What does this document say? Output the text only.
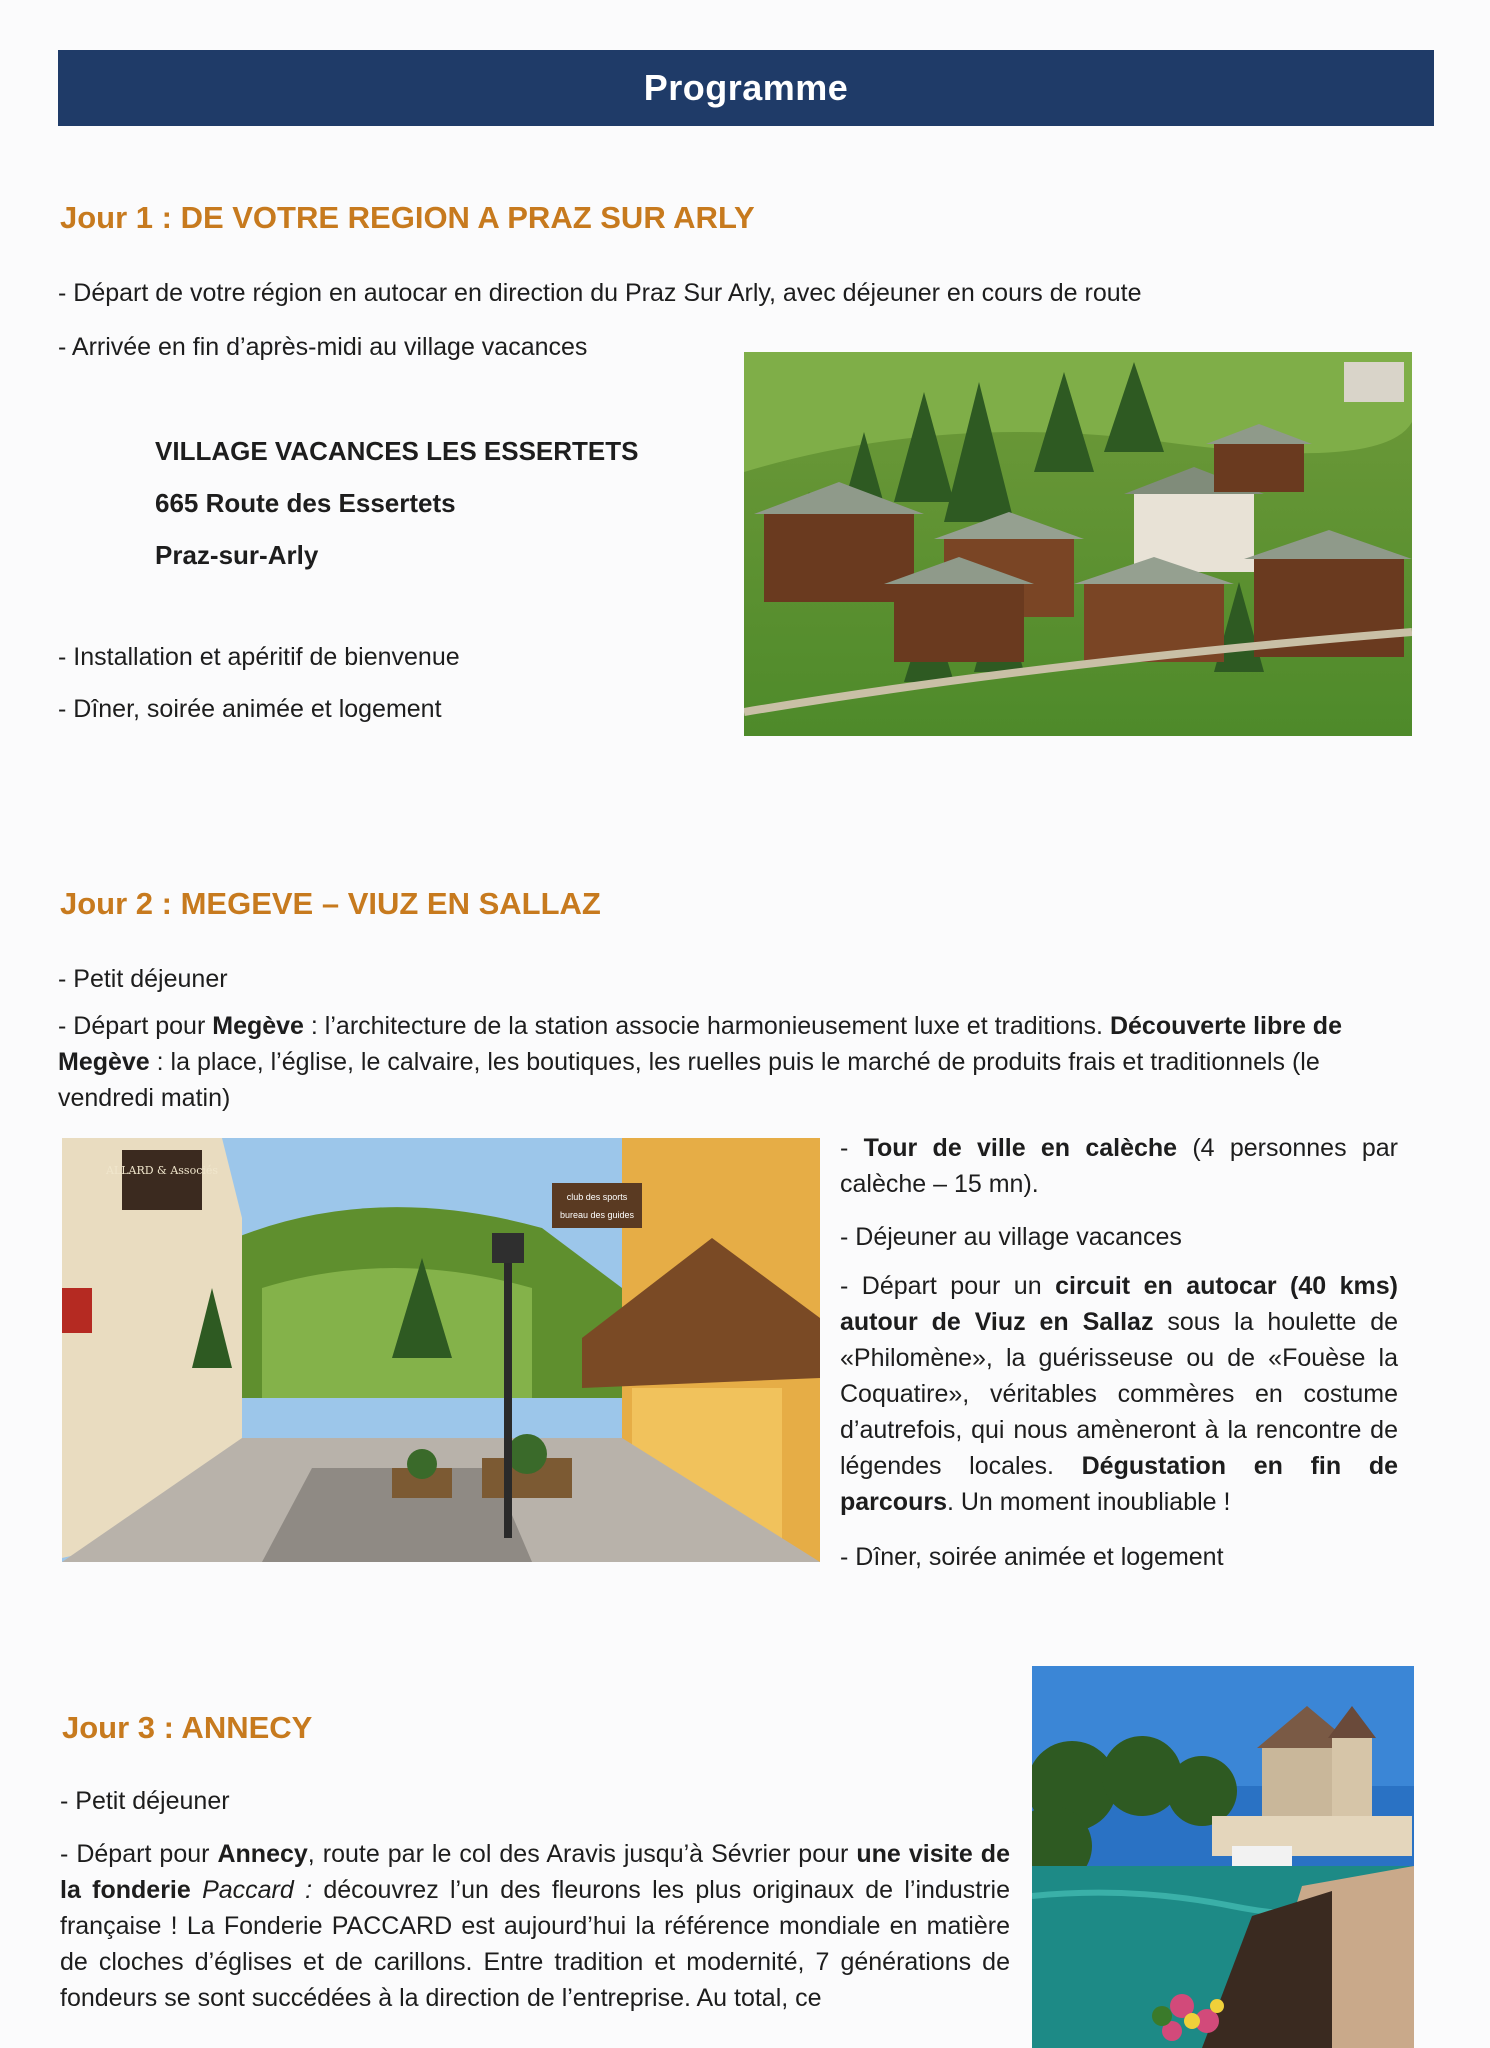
Programme
Jour 1 : DE VOTRE REGION A PRAZ SUR ARLY

- Départ de votre région en autocar en direction du Praz Sur Arly, avec déjeuner en cours de route

- Arrivée en fin d’après-midi au village vacances

VILLAGE VACANCES LES ESSERTETS

665 Route des Essertets

Praz-sur-Arly

- Installation et apéritif de bienvenue

- Dîner, soirée animée et logement

Jour 2 : MEGEVE – VIUZ EN SALLAZ

- Petit déjeuner

- Départ pour Megève : l’architecture de la station associe harmonieusement luxe et traditions. Découverte libre de Megève : la place, l’église, le calvaire, les boutiques, les ruelles puis le marché de produits frais et traditionnels (le vendredi matin)

ALLARD & Associés
club des sports
bureau des guides

- Tour de ville en calèche (4 personnes par calèche – 15 mn).

- Déjeuner au village vacances

- Départ pour un circuit en autocar (40 kms) autour de Viuz en Sallaz sous la houlette de «Philomène», la guérisseuse ou de «Fouèse la Coquatire», véritables commères en costume d’autrefois, qui nous amèneront à la rencontre de légendes locales. Dégustation en fin de parcours. Un moment inoubliable !

- Dîner, soirée animée et logement

Jour 3 : ANNECY

- Petit déjeuner

- Départ pour Annecy, route par le col des Aravis jusqu’à Sévrier pour une visite de la fonderie Paccard : découvrez l’un des fleurons les plus originaux de l’industrie française ! La Fonderie PACCARD est aujourd’hui la référence mondiale en matière de cloches d’églises et de carillons. Entre tradition et modernité, 7 générations de fondeurs se sont succédées à la direction de l’entreprise. Au total, ce
